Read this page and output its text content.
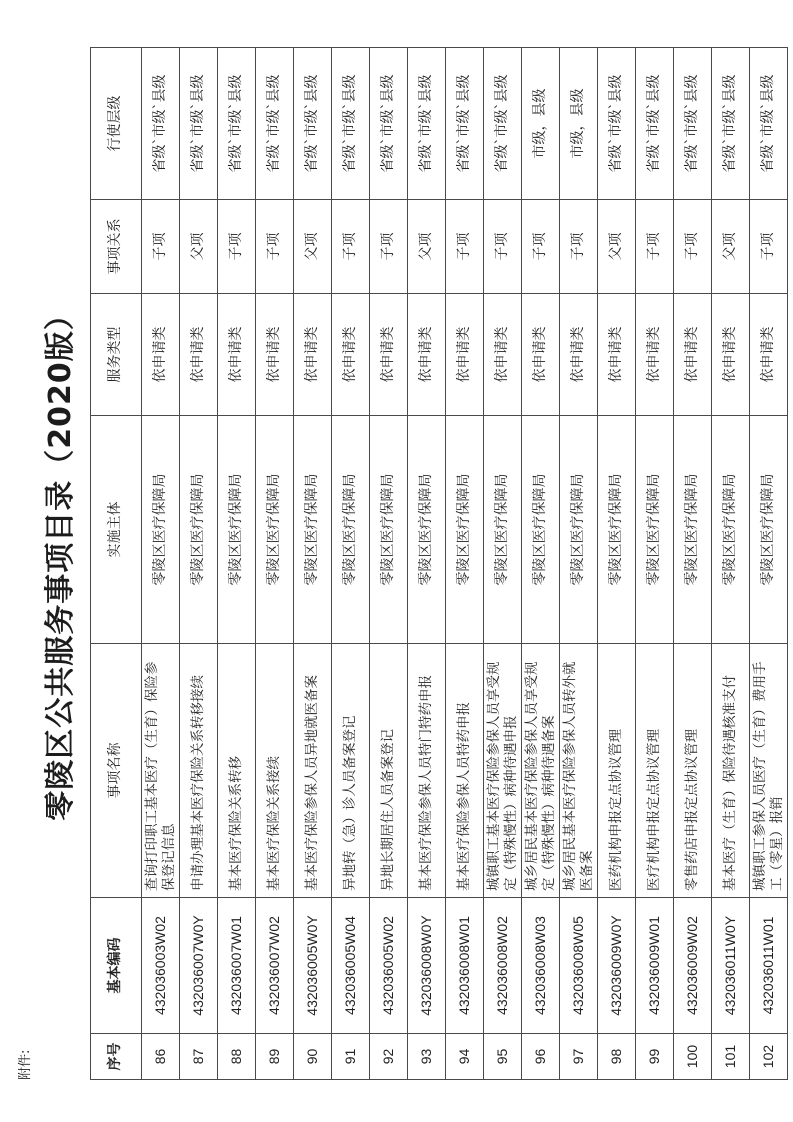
附件:
零陵区公共服务事项目录（2020版）
序号	基本编码	事项名称	实施主体	服务类型	事项关系	行使层级
86	432036003W02	查询打印职工基本医疗（生育）保险参保登记信息	零陵区医疗保障局	依申请类	子项	省级`市级`县级
87	432036007W0Y	申请办理基本医疗保险关系转移接续	零陵区医疗保障局	依申请类	父项	省级`市级`县级
88	432036007W01	基本医疗保险关系转移	零陵区医疗保障局	依申请类	子项	省级`市级`县级
89	432036007W02	基本医疗保险关系接续	零陵区医疗保障局	依申请类	子项	省级`市级`县级
90	432036005W0Y	基本医疗保险参保人员异地就医备案	零陵区医疗保障局	依申请类	父项	省级`市级`县级
91	432036005W04	异地转（急）诊人员备案登记	零陵区医疗保障局	依申请类	子项	省级`市级`县级
92	432036005W02	异地长期居住人员备案登记	零陵区医疗保障局	依申请类	子项	省级`市级`县级
93	432036008W0Y	基本医疗保险参保人员特门特药申报	零陵区医疗保障局	依申请类	父项	省级`市级`县级
94	432036008W01	基本医疗保险参保人员特药申报	零陵区医疗保障局	依申请类	子项	省级`市级`县级
95	432036008W02	城镇职工基本医疗保险参保人员享受规定（特殊慢性）病种待遇申报	零陵区医疗保障局	依申请类	子项	省级`市级`县级
96	432036008W03	城乡居民基本医疗保险参保人员享受规定（特殊慢性）病种待遇备案	零陵区医疗保障局	依申请类	子项	市级，县级
97	432036008W05	城乡居民基本医疗保险参保人员转外就医备案	零陵区医疗保障局	依申请类	子项	市级，县级
98	432036009W0Y	医药机构申报定点协议管理	零陵区医疗保障局	依申请类	父项	省级`市级`县级
99	432036009W01	医疗机构申报定点协议管理	零陵区医疗保障局	依申请类	子项	省级`市级`县级
100	432036009W02	零售药店申报定点协议管理	零陵区医疗保障局	依申请类	子项	省级`市级`县级
101	432036011W0Y	基本医疗（生育）保险待遇核准支付	零陵区医疗保障局	依申请类	父项	省级`市级`县级
102	432036011W01	城镇职工参保人员医疗（生育）费用手工（零星）报销	零陵区医疗保障局	依申请类	子项	省级`市级`县级
